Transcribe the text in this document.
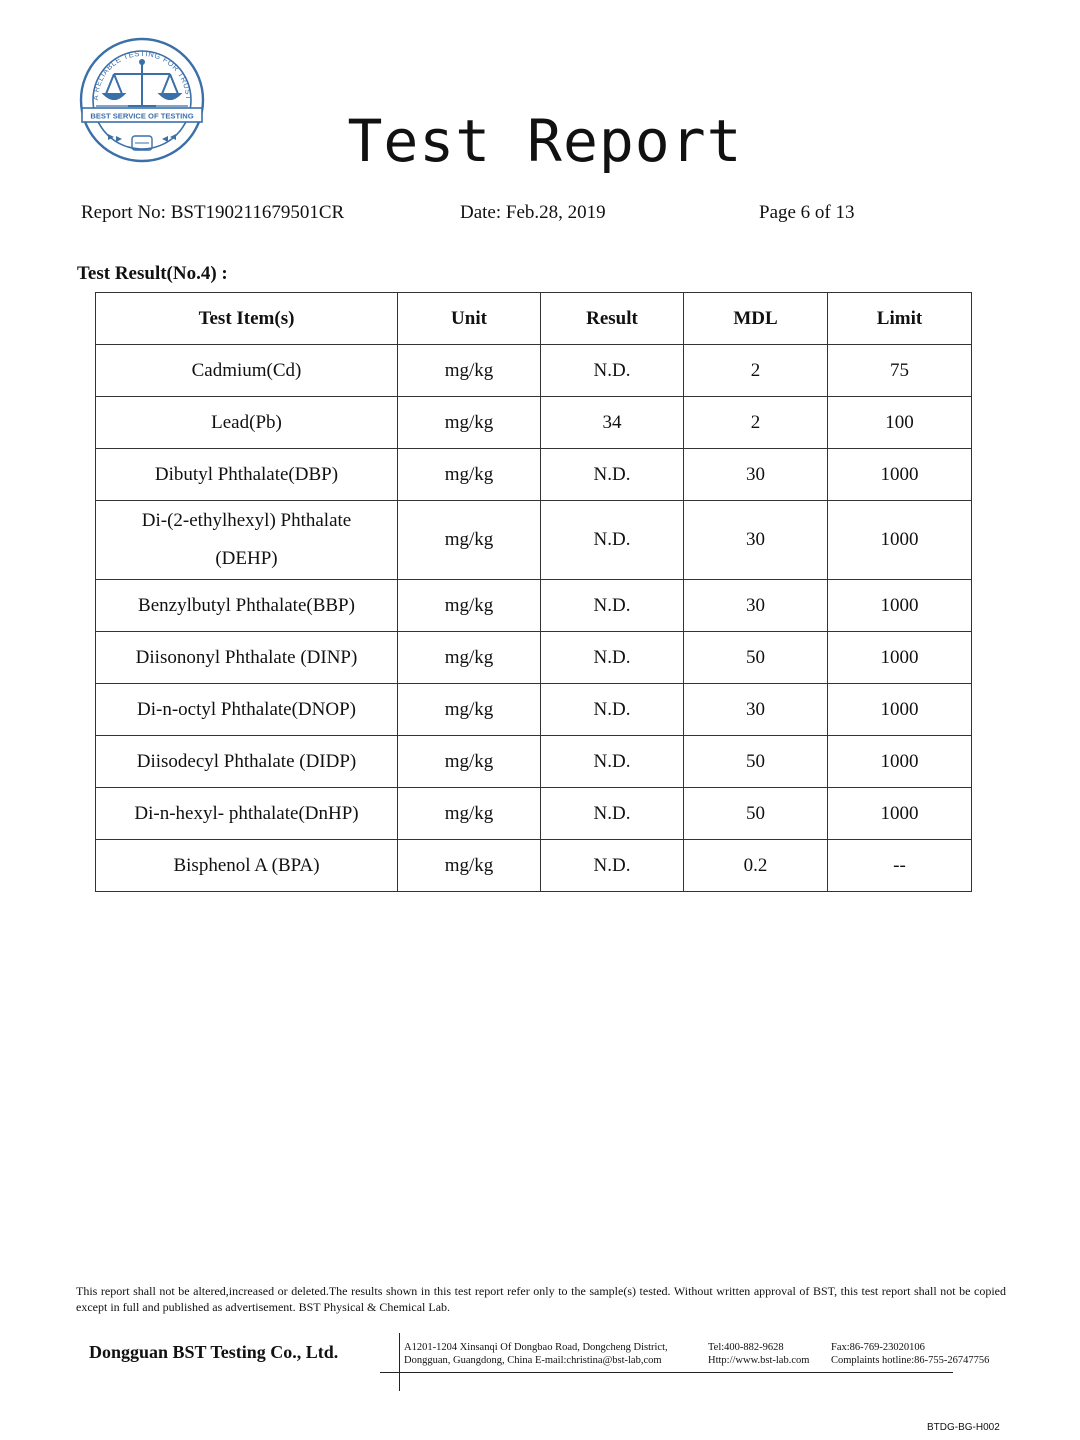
A RELIABLE TESTING FOR TRUST
BEST SERVICE OF TESTING	Test Report
Report No: BST190211679501CR	Date: Feb.28, 2019	Page 6 of 13
Test Result(No.4) :
Test Item(s)	Unit	Result	MDL	Limit
Cadmium(Cd)	mg/kg	N.D.	2	75
Lead(Pb)	mg/kg	34	2	100
Dibutyl Phthalate(DBP)	mg/kg	N.D.	30	1000

Di-(2-ethylhexyl) Phthalate
(DEHP)	mg/kg	N.D.	30	1000
Benzylbutyl Phthalate(BBP)	mg/kg	N.D.	30	1000
Diisononyl Phthalate (DINP)	mg/kg	N.D.	50	1000
Di-n-octyl Phthalate(DNOP)	mg/kg	N.D.	30	1000
Diisodecyl Phthalate (DIDP)	mg/kg	N.D.	50	1000
Di-n-hexyl- phthalate(DnHP)	mg/kg	N.D.	50	1000
Bisphenol A (BPA)	mg/kg	N.D.	0.2	--
This report shall not be altered,increased or deleted.The results shown in this test report refer only to the sample(s) tested. Without written approval of BST, this test report shall not be copied except in full and published as advertisement. BST Physical & Chemical Lab.
Dongguan BST Testing Co., Ltd.	A1201-1204 Xinsanqi Of Dongbao Road, Dongcheng District,
Dongguan, Guangdong, China E-mail:christina@bst-lab,com
Tel:400-882-9628
Http://www.bst-lab.com
Fax:86-769-23020106
Complaints hotline:86-755-26747756
BTDG-BG-H002
